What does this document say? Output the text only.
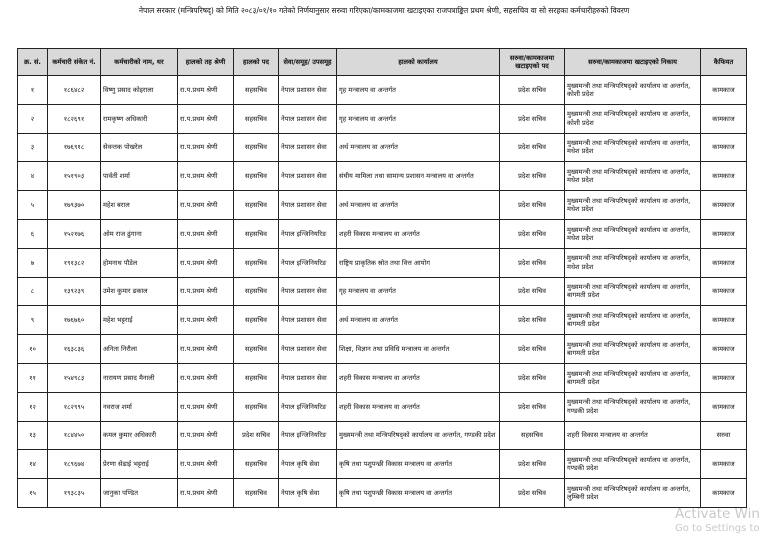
नेपाल सरकार (मन्त्रिपरिषद्) को मिति २०८३/०१/१० गतेको निर्णयानुसार सरुवा गरिएका/कामकाजमा खटाइएका राजपत्राङ्कित प्रथम श्रेणी, सहसचिव वा सो सरहका कर्मचारीहरुको विवरण
क्र. सं.	कर्मचारी संकेत नं.	कर्मचारीको नाम, थर	हालको तह श्रेणी	हालको पद	सेवा/समूह/ उपसमूह	हालको कार्यालय	सरुवा/कामकाजमा खटाइएको पद	सरुवा/कामकाजमा खटाइएको निकाय	कैफियत
१	१८६४८२	विष्णु प्रसाद कोइराला	रा.प.प्रथम श्रेणी	सहसचिव	नेपाल प्रशासन सेवा	गृह मन्त्रालय वा अन्तर्गत	प्रदेश सचिव	मुख्यमन्त्री तथा मन्त्रिपरिषद्को कार्यालय वा अन्तर्गत, कोशी प्रदेश	कामकाज
२	१८२६९१	रामकृष्ण अधिकारी	रा.प.प्रथम श्रेणी	सहसचिव	नेपाल प्रशासन सेवा	गृह मन्त्रालय वा अन्तर्गत	प्रदेश सचिव	मुख्यमन्त्री तथा मन्त्रिपरिषद्को कार्यालय वा अन्तर्गत, कोशी प्रदेश	कामकाज
३	१७६९१८	सेवन्तक पोखरेल	रा.प.प्रथम श्रेणी	सहसचिव	नेपाल प्रशासन सेवा	अर्थ मन्त्रालय वा अन्तर्गत	प्रदेश सचिव	मुख्यमन्त्री तथा मन्त्रिपरिषद्को कार्यालय वा अन्तर्गत, मधेश प्रदेश	कामकाज
४	१५१९०३	पार्वती शर्मा	रा.प.प्रथम श्रेणी	सहसचिव	नेपाल प्रशासन सेवा	संघीय मामिला तथा सामान्य प्रशासन मन्त्रालय वा अन्तर्गत	प्रदेश सचिव	मुख्यमन्त्री तथा मन्त्रिपरिषद्को कार्यालय वा अन्तर्गत, मधेश प्रदेश	कामकाज
५	१७९३७०	महेश बराल	रा.प.प्रथम श्रेणी	सहसचिव	नेपाल प्रशासन सेवा	अर्थ मन्त्रालय वा अन्तर्गत	प्रदेश सचिव	मुख्यमन्त्री तथा मन्त्रिपरिषद्को कार्यालय वा अन्तर्गत, मधेश प्रदेश	कामकाज
६	१५२१७६	ओम राज ढुंगाना	रा.प.प्रथम श्रेणी	सहसचिव	नेपाल इन्जिनियरिङ	शहरी विकास मन्त्रालय वा अन्तर्गत	प्रदेश सचिव	मुख्यमन्त्री तथा मन्त्रिपरिषद्को कार्यालय वा अन्तर्गत, मधेश प्रदेश	कामकाज
७	१९१३८२	होमनाथ पौडेल	रा.प.प्रथम श्रेणी	सहसचिव	नेपाल इन्जिनियरिङ	राष्ट्रिय प्राकृतिक स्रोत तथा वित्त आयोग	प्रदेश सचिव	मुख्यमन्त्री तथा मन्त्रिपरिषद्को कार्यालय वा अन्तर्गत, मधेश प्रदेश	कामकाज
८	१३९२३९	उमेश कुमार ढकाल	रा.प.प्रथम श्रेणी	सहसचिव	नेपाल प्रशासन सेवा	गृह मन्त्रालय वा अन्तर्गत	प्रदेश सचिव	मुख्यमन्त्री तथा मन्त्रिपरिषद्को कार्यालय वा अन्तर्गत, बागमती प्रदेश	कामकाज
९	१७६७६०	महेश भट्टराई	रा.प.प्रथम श्रेणी	सहसचिव	नेपाल प्रशासन सेवा	अर्थ मन्त्रालय वा अन्तर्गत	प्रदेश सचिव	मुख्यमन्त्री तथा मन्त्रिपरिषद्को कार्यालय वा अन्तर्गत, बागमती प्रदेश	कामकाज
१०	१६३८३६	अनिता निरौला	रा.प.प्रथम श्रेणी	सहसचिव	नेपाल प्रशासन सेवा	शिक्षा, विज्ञान तथा प्रविधि मन्त्रालय वा अन्तर्गत	प्रदेश सचिव	मुख्यमन्त्री तथा मन्त्रिपरिषद्को कार्यालय वा अन्तर्गत, बागमती प्रदेश	कामकाज
११	१५४९८३	नारायण प्रसाद मैनाली	रा.प.प्रथम श्रेणी	सहसचिव	नेपाल प्रशासन सेवा	शहरी विकास मन्त्रालय वा अन्तर्गत	प्रदेश सचिव	मुख्यमन्त्री तथा मन्त्रिपरिषद्को कार्यालय वा अन्तर्गत, बागमती प्रदेश	कामकाज
१२	१८२९९५	नवराज शर्मा	रा.प.प्रथम श्रेणी	सहसचिव	नेपाल इन्जिनियरिङ	शहरी विकास मन्त्रालय वा अन्तर्गत	प्रदेश सचिव	मुख्यमन्त्री तथा मन्त्रिपरिषद्को कार्यालय वा अन्तर्गत, गण्डकी प्रदेश	कामकाज
१३	१८४४५०	कमल कुमार अधिकारी	रा.प.प्रथम श्रेणी	प्रदेश सचिव	नेपाल इन्जिनियरिङ	मुख्यमन्त्री तथा मन्त्रिपरिषद्को कार्यालय वा अन्तर्गत, गण्डकी प्रदेश	सहसचिव	शहरी विकास मन्त्रालय वा अन्तर्गत	सरुवा
१४	१८९६७४	प्रेरणा सेढाई भट्टराई	रा.प.प्रथम श्रेणी	सहसचिव	नेपाल कृषि सेवा	कृषि तथा पशुपन्छी विकास मन्त्रालय वा अन्तर्गत	प्रदेश सचिव	मुख्यमन्त्री तथा मन्त्रिपरिषद्को कार्यालय वा अन्तर्गत, गण्डकी प्रदेश	कामकाज
१५	१९३८३५	जानुका पण्डित	रा.प.प्रथम श्रेणी	सहसचिव	नेपाल कृषि सेवा	कृषि तथा पशुपन्छी विकास मन्त्रालय वा अन्तर्गत	प्रदेश सचिव	मुख्यमन्त्री तथा मन्त्रिपरिषद्को कार्यालय वा अन्तर्गत, लुम्बिनी प्रदेश	कामकाज
Activate Win
Go to Settings to
